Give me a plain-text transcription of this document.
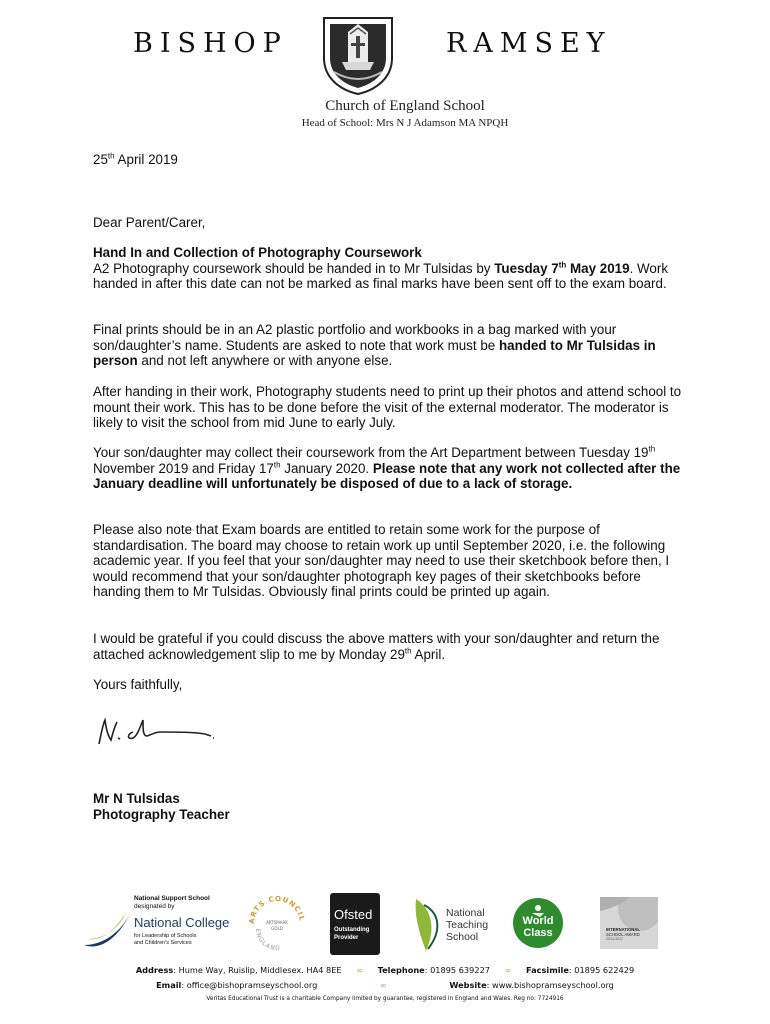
BISHOP	RAMSEY
Church of England School
Head of School: Mrs N J Adamson MA NPQH
25th April 2019
Dear Parent/Carer,

Hand In and Collection of Photography Coursework

A2 Photography coursework should be handed in to Mr Tulsidas by Tuesday 7th May 2019. Work handed in after this date can not be marked as final marks have been sent off to the exam board.

Final prints should be in an A2 plastic portfolio and workbooks in a bag marked with your son/daughter’s name. Students are asked to note that work must be handed to Mr Tulsidas in person and not left anywhere or with anyone else.

After handing in their work, Photography students need to print up their photos and attend school to mount their work. This has to be done before the visit of the external moderator. The moderator is likely to visit the school from mid June to early July.

Your son/daughter may collect their coursework from the Art Department between Tuesday 19th November 2019 and Friday 17th January 2020. Please note that any work not collected after the January deadline will unfortunately be disposed of due to a lack of storage.

Please also note that Exam boards are entitled to retain some work for the purpose of standardisation. The board may choose to retain work up until September 2020, i.e. the following academic year. If you feel that your son/daughter may need to use their sketchbook before then, I would recommend that your son/daughter photograph key pages of their sketchbooks before handing them to Mr Tulsidas. Obviously final prints could be printed up again.

I would be grateful if you could discuss the above matters with your son/daughter and return the attached acknowledgement slip to me by Monday 29th April.

Yours faithfully,

Mr N Tulsidas

Photography Teacher

National Support School
designated by
National College
for Leadership of Schools
and Children's Services
ARTS COUNCIL
ENGLAND
ARTSMARK
GOLD
Ofsted
Outstanding
Provider
National
Teaching
School
World
Class	INTERNATIONAL
SCHOOL AWARD
2014-2017
Address: Hume Way, Ruislip, Middlesex. HA4 8EE ∞ Telephone: 01895 639227 ∞ Facsimile: 01895 622429
Email: office@bishopramseyschool.org	∞	Website: www.bishopramseyschool.org
Veritas Educational Trust is a charitable Company limited by guarantee, registered in England and Wales. Reg no: 7724916
